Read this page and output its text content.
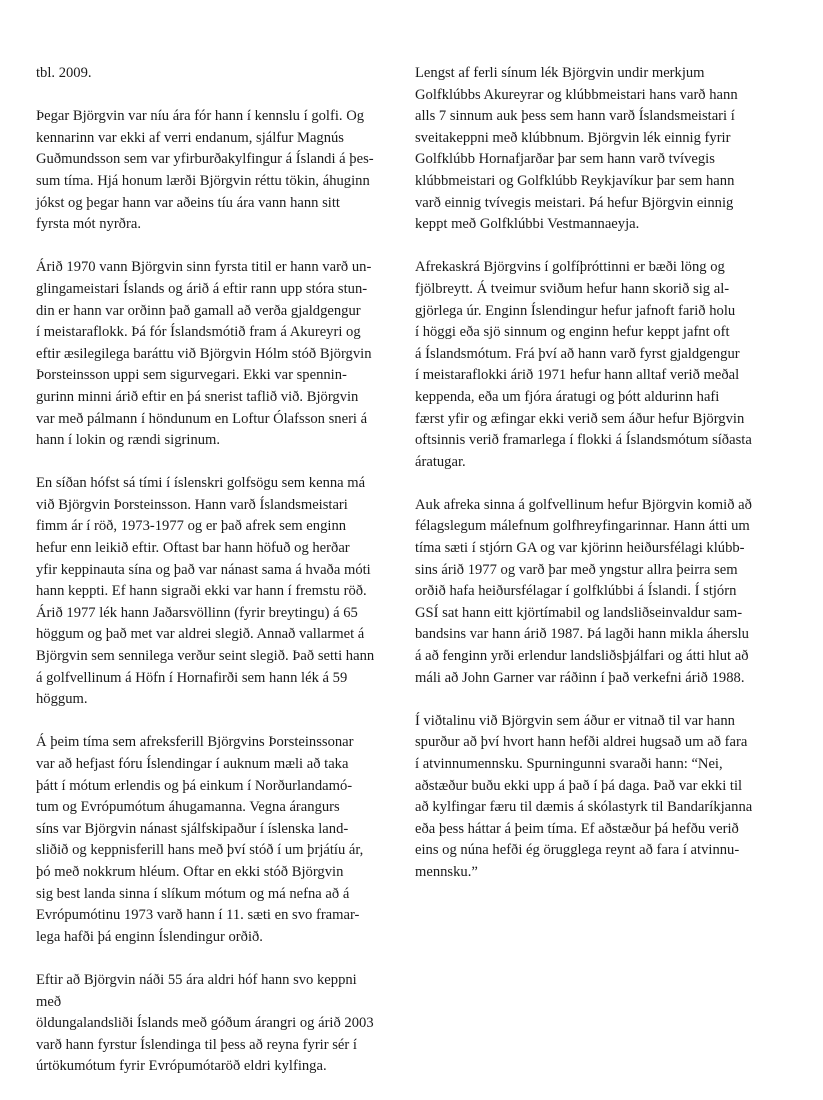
tbl. 2009.
Þegar Björgvin var níu ára fór hann í kennslu í golfi. Og
kennarinn var ekki af verri endanum, sjálfur Magnús
Guðmundsson sem var yfirburðakylfingur á Íslandi á þes-
sum tíma. Hjá honum lærði Björgvin réttu tökin, áhuginn
jókst og þegar hann var aðeins tíu ára vann hann sitt
fyrsta mót nyrðra.
Árið 1970 vann Björgvin sinn fyrsta titil er hann varð un-
glingameistari Íslands og árið á eftir rann upp stóra stun-
din er hann var orðinn það gamall að verða gjaldgengur
í meistaraflokk. Þá fór Íslandsmótið fram á Akureyri og
eftir æsilegilega baráttu við Björgvin Hólm stóð Björgvin
Þorsteinsson uppi sem sigurvegari. Ekki var spennin-
gurinn minni árið eftir en þá snerist taflið við. Björgvin
var með pálmann í höndunum en Loftur Ólafsson sneri á
hann í lokin og rændi sigrinum.
En síðan hófst sá tími í íslenskri golfsögu sem kenna má
við Björgvin Þorsteinsson. Hann varð Íslandsmeistari
fimm ár í röð, 1973-1977 og er það afrek sem enginn
hefur enn leikið eftir. Oftast bar hann höfuð og herðar
yfir keppinauta sína og það var nánast sama á hvaða móti
hann keppti. Ef hann sigraði ekki var hann í fremstu röð.
Árið 1977 lék hann Jaðarsvöllinn (fyrir breytingu) á 65
höggum og það met var aldrei slegið. Annað vallarmet á
Björgvin sem sennilega verður seint slegið. Það setti hann
á golfvellinum á Höfn í Hornafirði sem hann lék á 59
höggum.
Á þeim tíma sem afreksferill Björgvins Þorsteinssonar
var að hefjast fóru Íslendingar í auknum mæli að taka
þátt í mótum erlendis og þá einkum í Norðurlandamó-
tum og Evrópumótum áhugamanna. Vegna árangurs
síns var Björgvin nánast sjálfskipaður í íslenska land-
sliðið og keppnisferill hans með því stóð í um þrjátíu ár,
þó með nokkrum hléum. Oftar en ekki stóð Björgvin
sig best landa sinna í slíkum mótum og má nefna að á
Evrópumótinu 1973 varð hann í 11. sæti en svo framar-
lega hafði þá enginn Íslendingur orðið.
Eftir að Björgvin náði 55 ára aldri hóf hann svo keppni
með
öldungalandsliði Íslands með góðum árangri og árið 2003
varð hann fyrstur Íslendinga til þess að reyna fyrir sér í
úrtökumótum fyrir Evrópumótaröð eldri kylfinga.
Lengst af ferli sínum lék Björgvin undir merkjum
Golfklúbbs Akureyrar og klúbbmeistari hans varð hann
alls 7 sinnum auk þess sem hann varð Íslandsmeistari í
sveitakeppni með klúbbnum. Björgvin lék einnig fyrir
Golfklúbb Hornafjarðar þar sem hann varð tvívegis
klúbbmeistari og Golfklúbb Reykjavíkur þar sem hann
varð einnig tvívegis meistari. Þá hefur Björgvin einnig
keppt með Golfklúbbi Vestmannaeyja.
Afrekaskrá Björgvins í golfíþróttinni er bæði löng og
fjölbreytt. Á tveimur sviðum hefur hann skorið sig al-
gjörlega úr. Enginn Íslendingur hefur jafnoft farið holu
í höggi eða sjö sinnum og enginn hefur keppt jafnt oft
á Íslandsmótum. Frá því að hann varð fyrst gjaldgengur
í meistaraflokki árið 1971 hefur hann alltaf verið meðal
keppenda, eða um fjóra áratugi og þótt aldurinn hafi
færst yfir og æfingar ekki verið sem áður hefur Björgvin
oftsinnis verið framarlega í flokki á Íslandsmótum síðasta
áratugar.
Auk afreka sinna á golfvellinum hefur Björgvin komið að
félagslegum málefnum golfhreyfingarinnar. Hann átti um
tíma sæti í stjórn GA og var kjörinn heiðursfélagi klúbb-
sins árið 1977 og varð þar með yngstur allra þeirra sem
orðið hafa heiðursfélagar í golfklúbbi á Íslandi. Í stjórn
GSÍ sat hann eitt kjörtímabil og landsliðseinvaldur sam-
bandsins var hann árið 1987. Þá lagði hann mikla áherslu
á að fenginn yrði erlendur landsliðsþjálfari og átti hlut að
máli að John Garner var ráðinn í það verkefni árið 1988.
Í viðtalinu við Björgvin sem áður er vitnað til var hann
spurður að því hvort hann hefði aldrei hugsað um að fara
í atvinnumennsku. Spurningunni svaraði hann: “Nei,
aðstæður buðu ekki upp á það í þá daga. Það var ekki til
að kylfingar færu til dæmis á skólastyrk til Bandaríkjanna
eða þess háttar á þeim tíma. Ef aðstæður þá hefðu verið
eins og núna hefði ég örugglega reynt að fara í atvinnu-
mennsku.”
